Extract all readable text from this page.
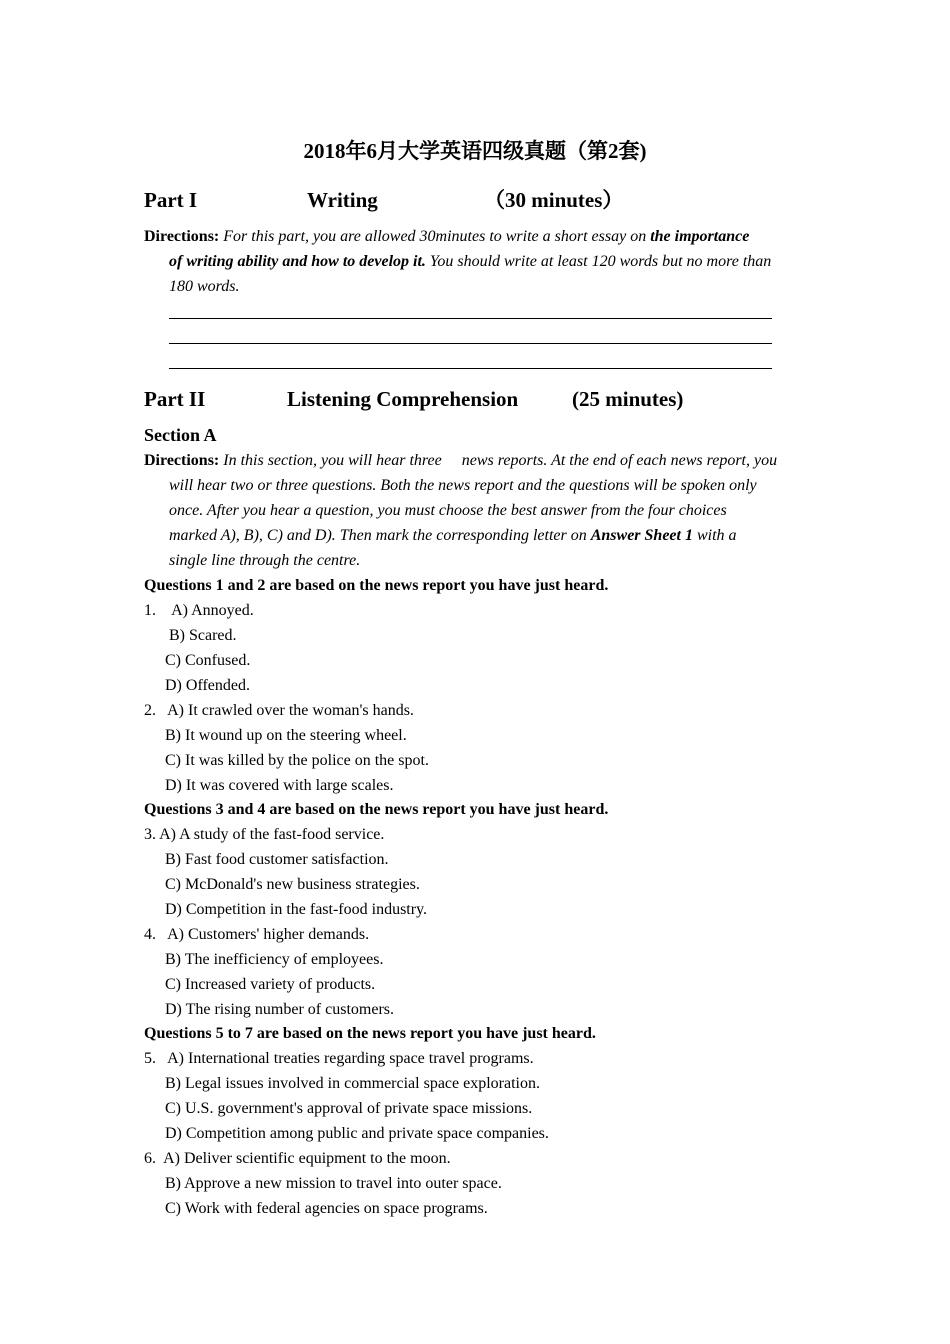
2018年6月大学英语四级真题（第2套)
Part I	Writing	（30 minutes）
Directions: For this part, you are allowed 30minutes to write a short essay on the importance
of writing ability and how to develop it. You should write at least 120 words but no more than
180 words.
Part II	Listening Comprehension	(25 minutes)
Section A
Directions: In this section, you will hear three     news reports. At the end of each news report, you
will hear two or three questions. Both the news report and the questions will be spoken only
once. After you hear a question, you must choose the best answer from the four choices
marked A), B), C) and D). Then mark the corresponding letter on Answer Sheet 1 with a
single line through the centre.
Questions 1 and 2 are based on the news report you have just heard.
1.    A) Annoyed.
B) Scared.
C) Confused.
D) Offended.
2.   A) It crawled over the woman's hands.
B) It wound up on the steering wheel.
C) It was killed by the police on the spot.
D) It was covered with large scales.
Questions 3 and 4 are based on the news report you have just heard.
3. A) A study of the fast-food service.
B) Fast food customer satisfaction.
C) McDonald's new business strategies.
D) Competition in the fast-food industry.
4.   A) Customers' higher demands.
B) The inefficiency of employees.
C) Increased variety of products.
D) The rising number of customers.
Questions 5 to 7 are based on the news report you have just heard.
5.   A) International treaties regarding space travel programs.
B) Legal issues involved in commercial space exploration.
C) U.S. government's approval of private space missions.
D) Competition among public and private space companies.
6.  A) Deliver scientific equipment to the moon.
B) Approve a new mission to travel into outer space.
C) Work with federal agencies on space programs.
